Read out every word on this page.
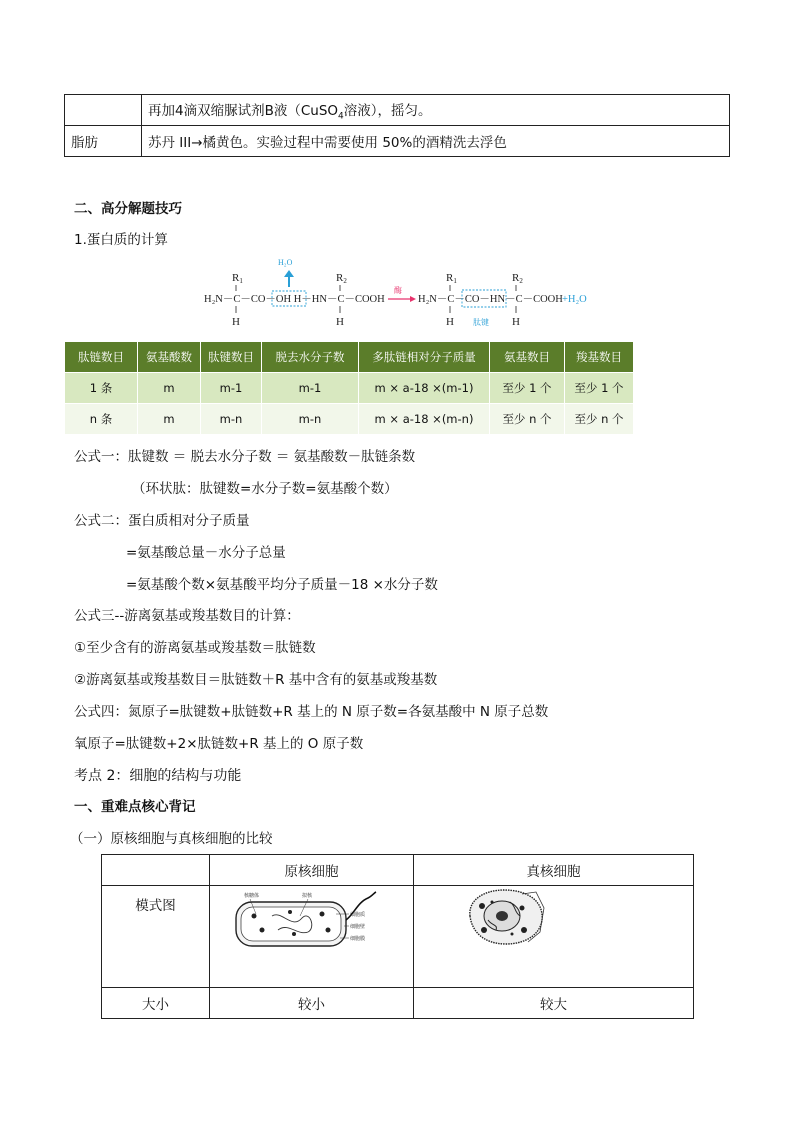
	再加4滴双缩脲试剂B液（CuSO$_4$溶液），摇匀。
脂肪	苏丹 III→橘黄色。实验过程中需要使用 50%的酒精洗去浮色
二、高分解题技巧
1.蛋白质的计算
R1	R2
H₂N－C－CO－OH H－HN－C－COOH
H	H
H₂O
酶
R1	R2
H₂N－C－CO－HN－C－COOH +H₂O
H	H
肽键
肽链数目	氨基酸数	肽键数目	脱去水分子数	多肽链相对分子质量	氨基数目	羧基数目
1 条	m	m-1	m-1	m × a-18 ×(m-1)	至少 1 个	至少 1 个
n 条	m	m-n	m-n	m × a-18 ×(m-n)	至少 n 个	至少 n 个
公式一：肽键数 ＝ 脱去水分子数 ＝ 氨基酸数－肽链条数
（环状肽：肽键数=水分子数=氨基酸个数）
公式二：蛋白质相对分子质量
=氨基酸总量－水分子总量
=氨基酸个数×氨基酸平均分子质量－18 ×水分子数
公式三--游离氨基或羧基数目的计算：
①至少含有的游离氨基或羧基数＝肽链数
②游离氨基或羧基数目＝肽链数＋R 基中含有的氨基或羧基数
公式四：氮原子=肽键数+肽链数+R 基上的 N 原子数=各氨基酸中 N 原子总数
氧原子=肽键数+2×肽链数+R 基上的 O 原子数
考点 2：细胞的结构与功能
一、重难点核心背记
（一）原核细胞与真核细胞的比较
	原核细胞	真核细胞
模式图		
大小	较小	较大
核糖体	拟核
细胞质
细胞壁
细胞膜
